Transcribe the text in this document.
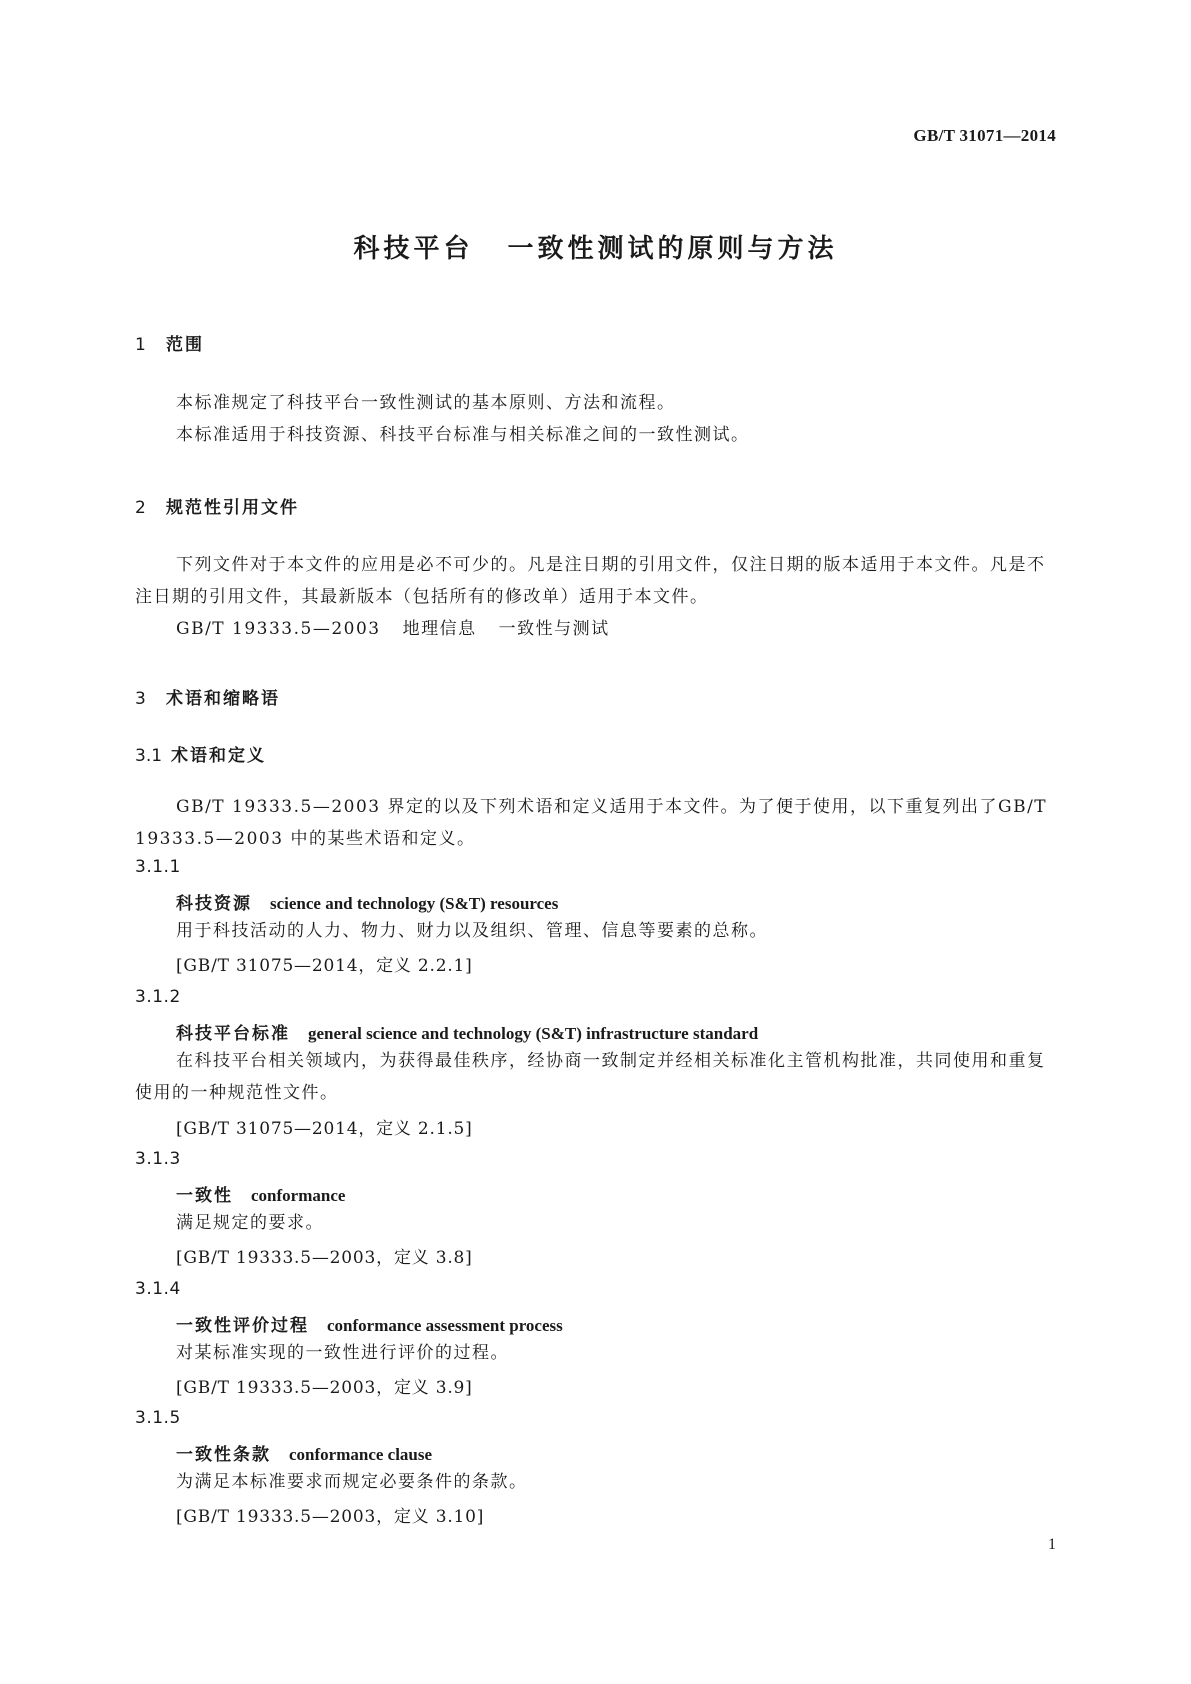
GB/T 31071—2014
科技平台 一致性测试的原则与方法
1 范围
本标准规定了科技平台一致性测试的基本原则、方法和流程。
本标准适用于科技资源、科技平台标准与相关标准之间的一致性测试。
2 规范性引用文件
下列文件对于本文件的应用是必不可少的。凡是注日期的引用文件，仅注日期的版本适用于本文件。凡是不注日期的引用文件，其最新版本（包括所有的修改单）适用于本文件。
GB/T 19333.5—2003 地理信息 一致性与测试
3 术语和缩略语
3.1 术语和定义
GB/T 19333.5—2003 界定的以及下列术语和定义适用于本文件。为了便于使用，以下重复列出了GB/T 19333.5—2003 中的某些术语和定义。
3.1.1
科技资源 science and technology (S&T) resources
用于科技活动的人力、物力、财力以及组织、管理、信息等要素的总称。
[GB/T 31075—2014，定义 2.2.1]
3.1.2
科技平台标准 general science and technology (S&T) infrastructure standard
在科技平台相关领域内，为获得最佳秩序，经协商一致制定并经相关标准化主管机构批准，共同使用和重复使用的一种规范性文件。
[GB/T 31075—2014，定义 2.1.5]
3.1.3
一致性 conformance
满足规定的要求。
[GB/T 19333.5—2003，定义 3.8]
3.1.4
一致性评价过程 conformance assessment process
对某标准实现的一致性进行评价的过程。
[GB/T 19333.5—2003，定义 3.9]
3.1.5
一致性条款 conformance clause
为满足本标准要求而规定必要条件的条款。
[GB/T 19333.5—2003，定义 3.10]
1
